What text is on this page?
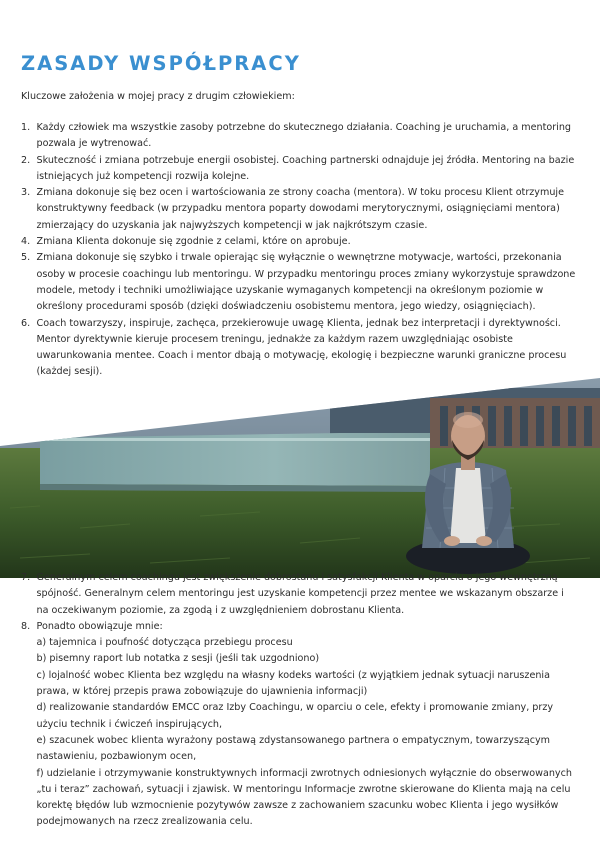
ZASADY WSPÓŁPRACY

Kluczowe założenia w mojej pracy z drugim człowiekiem:

1. Każdy człowiek ma wszystkie zasoby potrzebne do skutecznego działania. Coaching je uruchamia, a mentoring pozwala je wytrenować.
2. Skuteczność i zmiana potrzebuje energii osobistej. Coaching partnerski odnajduje jej źródła. Mentoring na bazie istniejących już kompetencji rozwija kolejne.
3. Zmiana dokonuje się bez ocen i wartościowania ze strony coacha (mentora). W toku procesu Klient otrzymuje konstruktywny feedback (w przypadku mentora poparty dowodami merytorycznymi, osiągnięciami mentora) zmierzający do uzyskania jak najwyższych kompetencji w jak najkrótszym czasie.
4. Zmiana Klienta dokonuje się zgodnie z celami, które on aprobuje.
5. Zmiana dokonuje się szybko i trwale opierając się wyłącznie o wewnętrzne motywacje, wartości, przekonania osoby w procesie coachingu lub mentoringu. W przypadku mentoringu proces zmiany wykorzystuje sprawdzone modele, metody i techniki umożliwiające uzyskanie wymaganych kompetencji na określonym poziomie w określony procedurami sposób (dzięki doświadczeniu osobistemu mentora, jego wiedzy, osiągnięciach).
6. Coach towarzyszy, inspiruje, zachęca, przekierowuje uwagę Klienta, jednak bez interpretacji i dyrektywności. Mentor dyrektywnie kieruje procesem treningu, jednakże za każdym razem uwzględniając osobiste uwarunkowania mentee. Coach i mentor dbają o motywację, ekologię i bezpieczne warunki graniczne procesu (każdej sesji).
7. Generalnym celem coachingu jest zwiększenie dobrostanu i satysfakcji Klienta w oparciu o jego wewnętrzną spójność. Generalnym celem mentoringu jest uzyskanie kompetencji przez mentee we wskazanym obszarze i na oczekiwanym poziomie, za zgodą i z uwzględnieniem dobrostanu Klienta.
8. Ponadto obowiązuje mnie:
a) tajemnica i poufność dotycząca przebiegu procesu
b) pisemny raport lub notatka z sesji (jeśli tak uzgodniono)
c) lojalność wobec Klienta bez względu na własny kodeks wartości (z wyjątkiem jednak sytuacji naruszenia prawa, w której przepis prawa zobowiązuje do ujawnienia informacji)
d) realizowanie standardów EMCC oraz Izby Coachingu, w oparciu o cele, efekty i promowanie zmiany, przy użyciu technik i ćwiczeń inspirujących,
e) szacunek wobec klienta wyrażony postawą zdystansowanego partnera o empatycznym, towarzyszącym nastawieniu, pozbawionym ocen,
f) udzielanie i otrzymywanie konstruktywnych informacji zwrotnych odniesionych wyłącznie do obserwowanych „tu i teraz” zachowań, sytuacji i zjawisk. W mentoringu Informacje zwrotne skierowane do Klienta mają na celu korektę błędów lub wzmocnienie pozytywów zawsze z zachowaniem szacunku wobec Klienta i jego wysiłków podejmowanych na rzecz zrealizowania celu.
